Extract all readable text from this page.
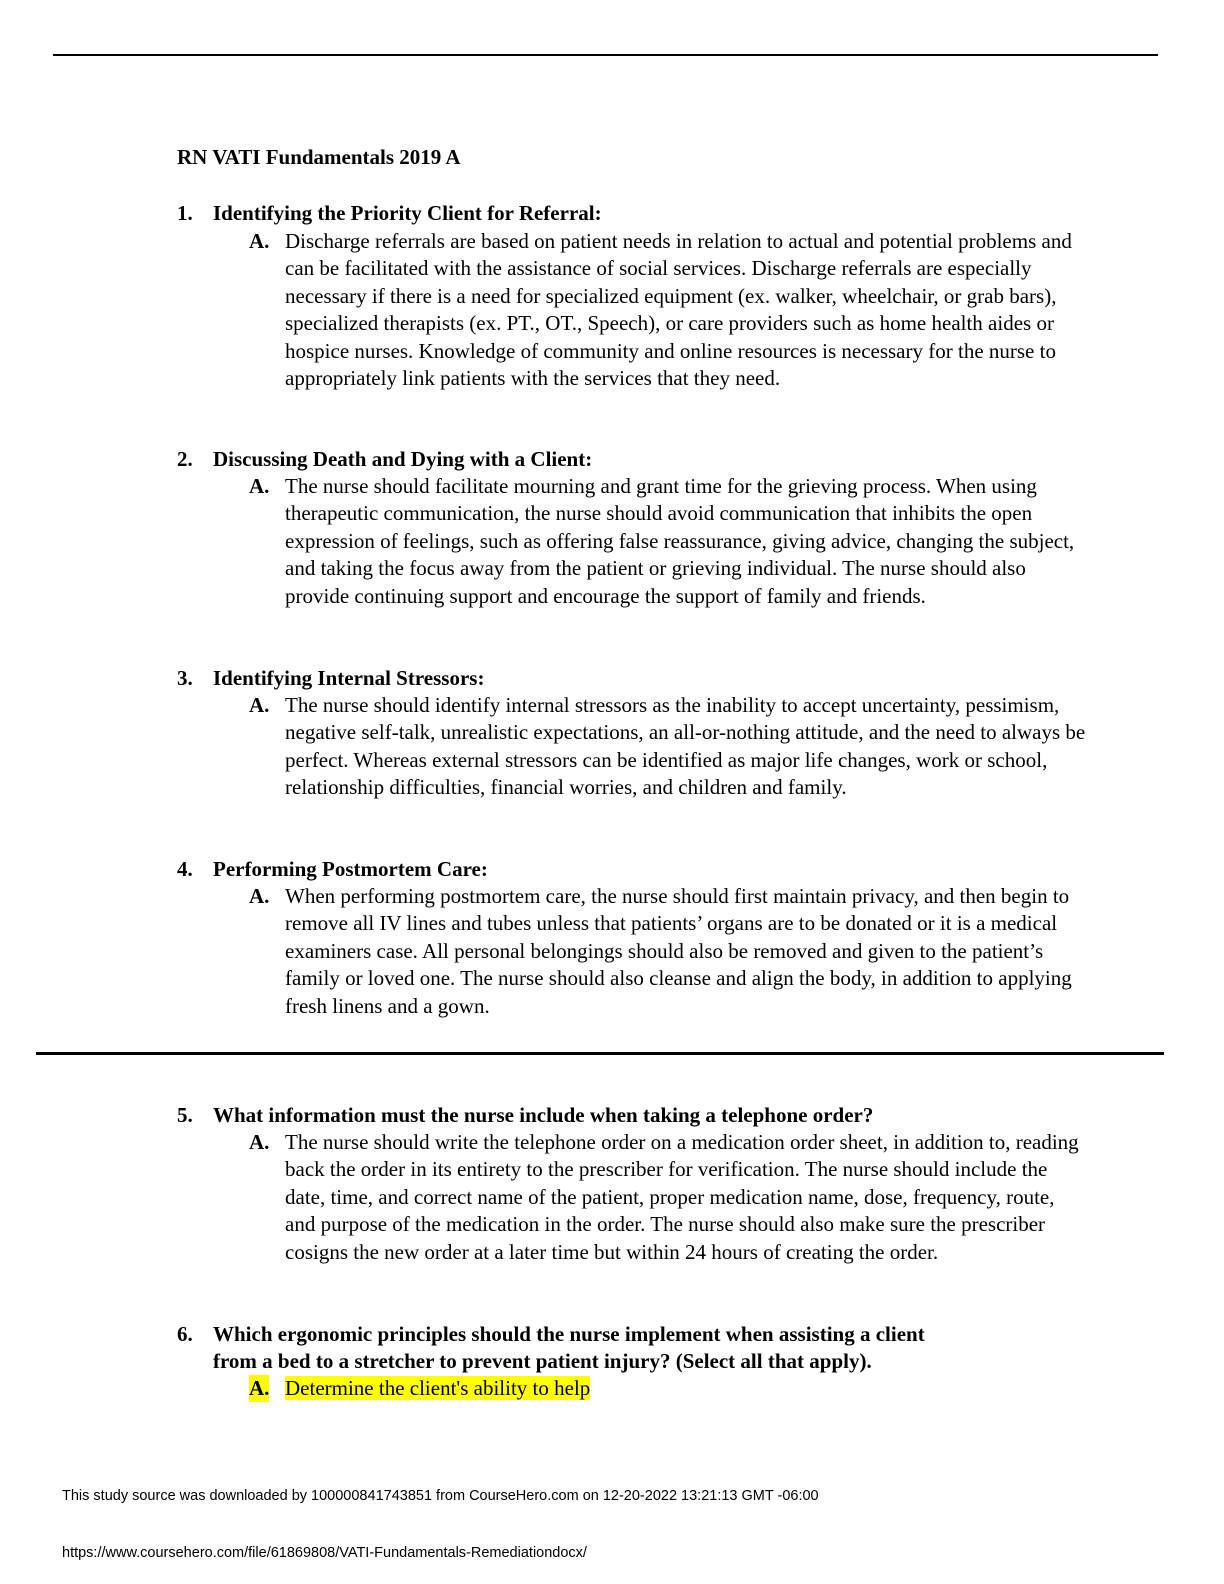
RN VATI Fundamentals 2019 A
1. Identifying the Priority Client for Referral:
A. Discharge referrals are based on patient needs in relation to actual and potential problems and can be facilitated with the assistance of social services. Discharge referrals are especially necessary if there is a need for specialized equipment (ex. walker, wheelchair, or grab bars), specialized therapists (ex. PT., OT., Speech), or care providers such as home health aides or hospice nurses. Knowledge of community and online resources is necessary for the nurse to appropriately link patients with the services that they need.
2. Discussing Death and Dying with a Client:
A. The nurse should facilitate mourning and grant time for the grieving process. When using therapeutic communication, the nurse should avoid communication that inhibits the open expression of feelings, such as offering false reassurance, giving advice, changing the subject, and taking the focus away from the patient or grieving individual. The nurse should also provide continuing support and encourage the support of family and friends.
3. Identifying Internal Stressors:
A. The nurse should identify internal stressors as the inability to accept uncertainty, pessimism, negative self-talk, unrealistic expectations, an all-or-nothing attitude, and the need to always be perfect. Whereas external stressors can be identified as major life changes, work or school, relationship difficulties, financial worries, and children and family.
4. Performing Postmortem Care:
A. When performing postmortem care, the nurse should first maintain privacy, and then begin to remove all IV lines and tubes unless that patients’ organs are to be donated or it is a medical examiners case. All personal belongings should also be removed and given to the patient’s family or loved one. The nurse should also cleanse and align the body, in addition to applying fresh linens and a gown.
5. What information must the nurse include when taking a telephone order?
A. The nurse should write the telephone order on a medication order sheet, in addition to, reading back the order in its entirety to the prescriber for verification. The nurse should include the date, time, and correct name of the patient, proper medication name, dose, frequency, route, and purpose of the medication in the order. The nurse should also make sure the prescriber cosigns the new order at a later time but within 24 hours of creating the order.
6. Which ergonomic principles should the nurse implement when assisting a client
from a bed to a stretcher to prevent patient injury? (Select all that apply).
A. Determine the client's ability to help
This study source was downloaded by 100000841743851 from CourseHero.com on 12-20-2022 13:21:13 GMT -06:00
https://www.coursehero.com/file/61869808/VATI-Fundamentals-Remediationdocx/
